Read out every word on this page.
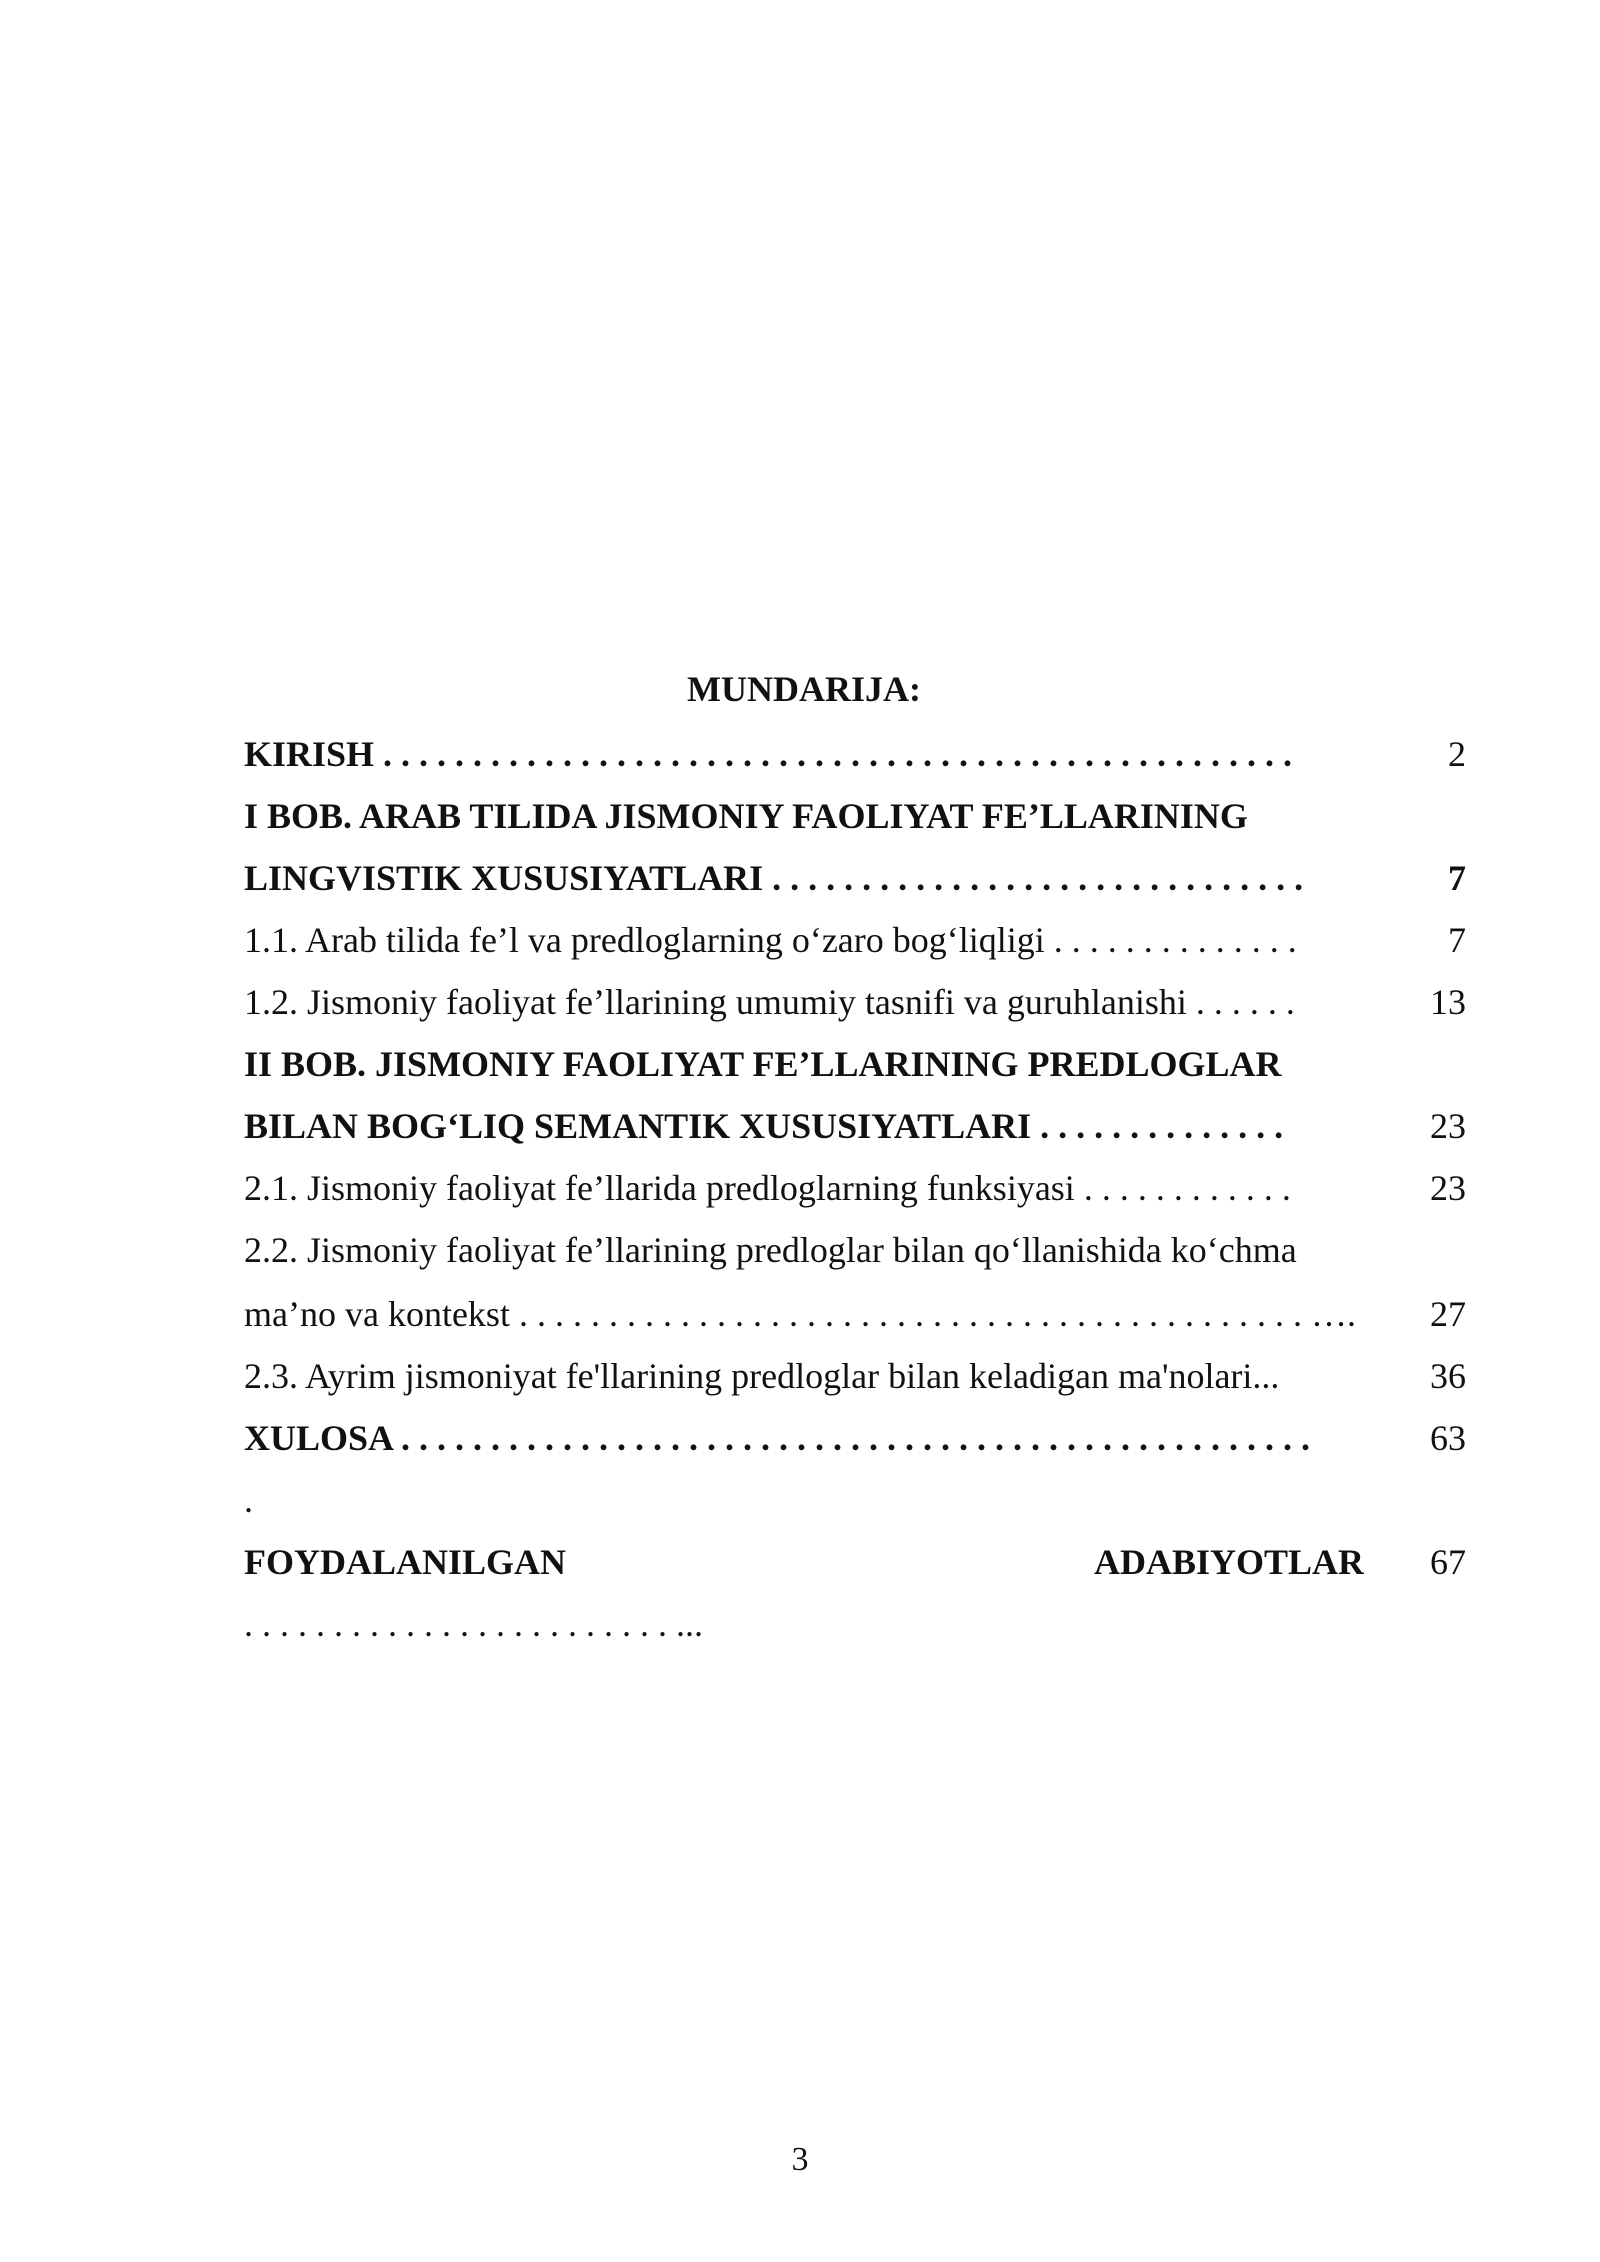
MUNDARIJA:
KIRISH . . . . . . . . . . . . . . . . . . . . . . . . . . . . . . . . . . . . . . . . . . . . . . . . . . .	2
I BOB. ARAB TILIDA JISMONIY FAOLIYAT FE’LLARINING
LINGVISTIK XUSUSIYATLARI . . . . . . . . . . . . . . . . . . . . . . . . . . . . . .	7
1.1. Arab tilida fe’l va predloglarning o‘zaro bog‘liqligi . . . . . . . . . . . . . .	7
1.2. Jismoniy faoliyat fe’llarining umumiy tasnifi va guruhlanishi . . . . . .	13
II BOB. JISMONIY FAOLIYAT FE’LLARINING PREDLOGLAR
BILAN BOG‘LIQ SEMANTIK XUSUSIYATLARI . . . . . . . . . . . . . .	23
2.1. Jismoniy faoliyat fe’llarida predloglarning funksiyasi . . . . . . . . . . . .	23
2.2. Jismoniy faoliyat fe’llarining predloglar bilan qo‘llanishida ko‘chma
ma’no va kontekst . . . . . . . . . . . . . . . . . . . . . . . . . . . . . . . . . . . . . . . . . . . . ….	27
2.3. Ayrim jismoniyat fe'llarining predloglar bilan keladigan ma'nolari...	36
XULOSA . . . . . . . . . . . . . . . . . . . . . . . . . . . . . . . . . . . . . . . . . . . . . . . . . . .	63
.
FOYDALANILGAN	ADABIYOTLAR	67
. . . . . . . . . . . . . . . . . . . . . . . . ...
3
